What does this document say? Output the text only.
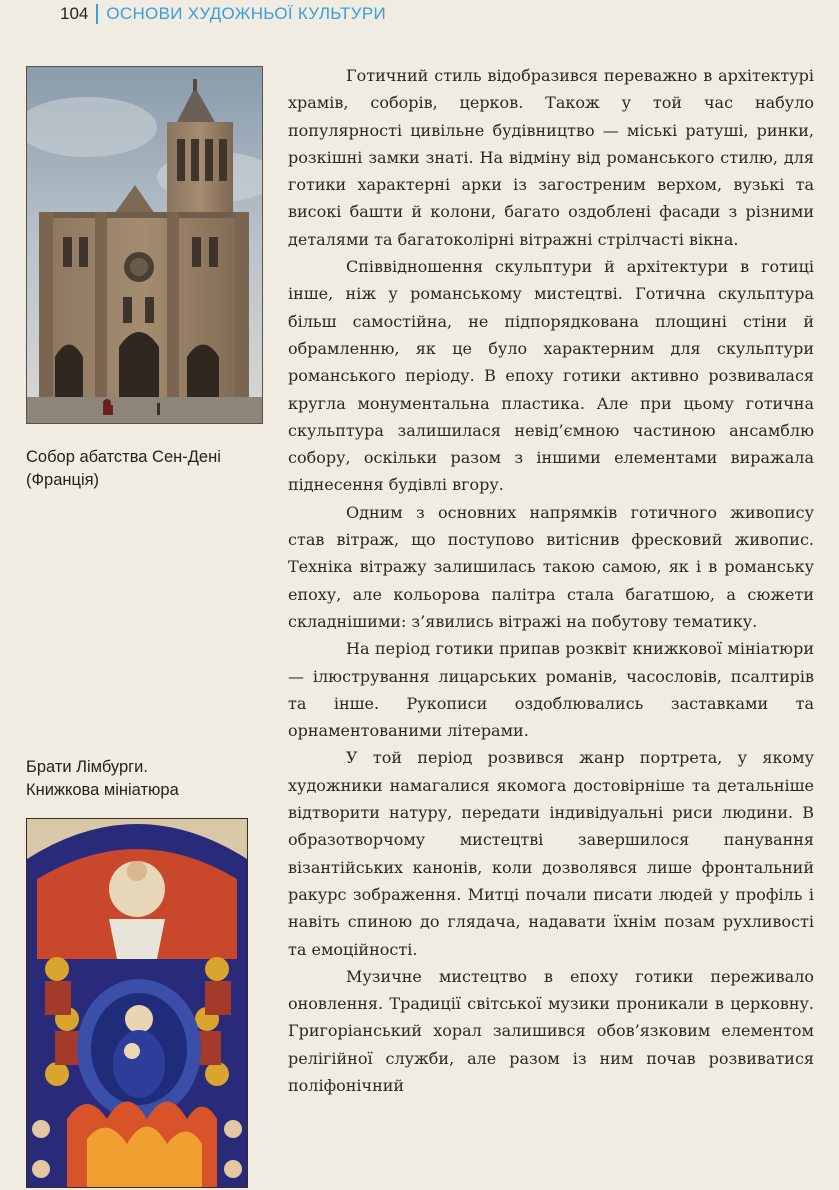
104 ОСНОВИ ХУДОЖНЬОЇ КУЛЬТУРИ
Собор абатства Сен-Дені
(Франція)
Брати Лімбурги.
Книжкова мініатюра

Готичний стиль відобразився переважно в архітектурі храмів, соборів, церков. Також у той час набуло популярності цивільне будівництво — міські ратуші, ринки, розкішні замки знаті. На відміну від романського стилю, для готики характерні арки із загостреним верхом, вузькі та високі башти й колони, багато оздоблені фасади з різними деталями та багатоколірні вітражні стрілчасті вікна.

Співвідношення скульптури й архітектури в готиці інше, ніж у романському мистецтві. Готична скульптура більш самостійна, не підпорядкована площині стіни й обрамленню, як це було характерним для скульптури романського періоду. В епоху готики активно розвивалася кругла монументальна пластика. Але при цьому готична скульптура залишилася невід’ємною частиною ансамблю собору, оскільки разом з іншими елементами виражала піднесення будівлі вгору.

Одним з основних напрямків готичного живопису став вітраж, що поступово витіснив фресковий живопис. Техніка вітражу залишилась такою самою, як і в романську епоху, але кольорова палітра стала багатшою, а сюжети складнішими: з’явились вітражі на побутову тематику.

На період готики припав розквіт книжкової мініатюри — ілюстрування лицарських романів, часословів, псалтирів та інше. Рукописи оздоблювались заставками та орнаментованими літерами.

У той період розвився жанр портрета, у якому художники намагалися якомога достовірніше та детальніше відтворити натуру, передати індивідуальні риси людини. В образотворчому мистецтві завершилося панування візантійських канонів, коли дозволявся лише фронтальний ракурс зображення. Митці почали писати людей у профіль і навіть спиною до глядача, надавати їхнім позам рухливості та емоційності.

Музичне мистецтво в епоху готики переживало оновлення. Традиції світської музики проникали в церковну. Григоріанський хорал залишився обов’язковим елементом релігійної служби, але разом із ним почав розвиватися поліфонічний
